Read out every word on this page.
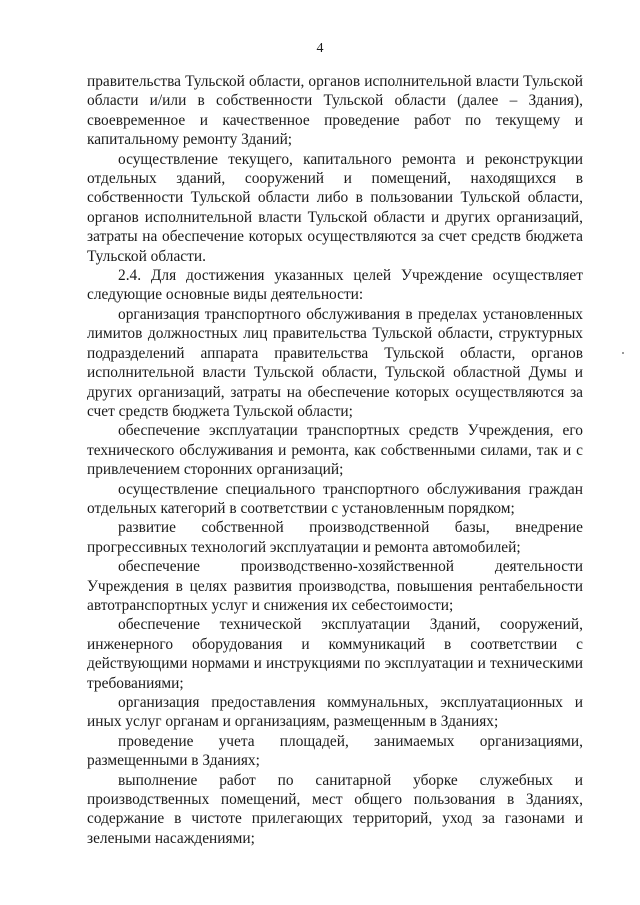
4

правительства Тульской области, органов исполнительной власти Тульской области и/или в собственности Тульской области (далее – Здания), своевременное и качественное проведение работ по текущему и капитальному ремонту Зданий;

осуществление текущего, капитального ремонта и реконструкции отдельных зданий, сооружений и помещений, находящихся в собственности Тульской области либо в пользовании Тульской области, органов исполнительной власти Тульской области и других организаций, затраты на обеспечение которых осуществляются за счет средств бюджета Тульской области.

2.4. Для достижения указанных целей Учреждение осуществляет следующие основные виды деятельности:

организация транспортного обслуживания в пределах установленных лимитов должностных лиц правительства Тульской области, структурных подразделений аппарата правительства Тульской области, органов исполнительной власти Тульской области, Тульской областной Думы и других организаций, затраты на обеспечение которых осуществляются за счет средств бюджета Тульской области;

обеспечение эксплуатации транспортных средств Учреждения, его технического обслуживания и ремонта, как собственными силами, так и с привлечением сторонних организаций;

осуществление специального транспортного обслуживания граждан отдельных категорий в соответствии с установленным порядком;

развитие собственной производственной базы, внедрение прогрессивных технологий эксплуатации и ремонта автомобилей;

обеспечение производственно-хозяйственной деятельности Учреждения в целях развития производства, повышения рентабельности автотранспортных услуг и снижения их себестоимости;

обеспечение технической эксплуатации Зданий, сооружений, инженерного оборудования и коммуникаций в соответствии с действующими нормами и инструкциями по эксплуатации и техническими требованиями;

организация предоставления коммунальных, эксплуатационных и иных услуг органам и организациям, размещенным в Зданиях;

проведение учета площадей, занимаемых организациями, размещенными в Зданиях;

выполнение работ по санитарной уборке служебных и производственных помещений, мест общего пользования в Зданиях, содержание в чистоте прилегающих территорий, уход за газонами и зелеными насаждениями;
